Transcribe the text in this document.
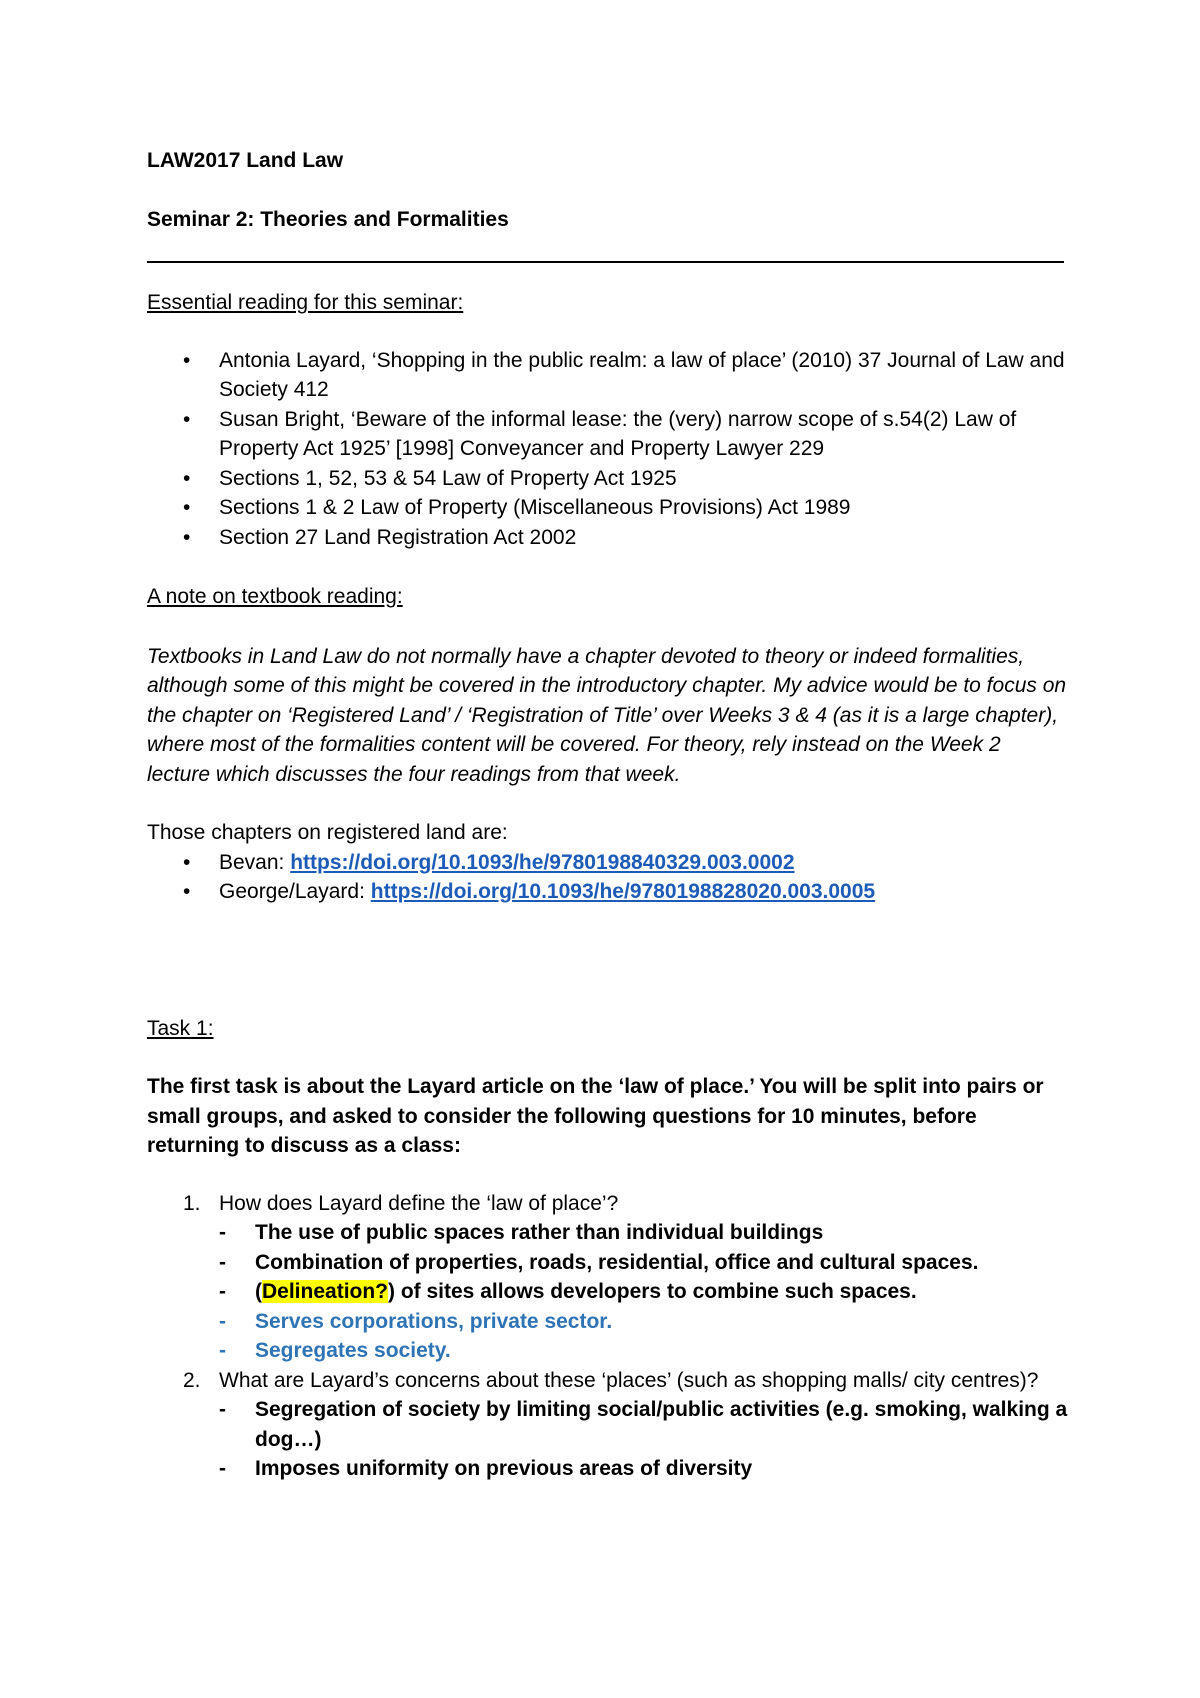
LAW2017 Land Law

Seminar 2: Theories and Formalities

Essential reading for this seminar:

• Antonia Layard, ‘Shopping in the public realm: a law of place’ (2010) 37 Journal of Law and Society 412
• Susan Bright, ‘Beware of the informal lease: the (very) narrow scope of s.54(2) Law of Property Act 1925’ [1998] Conveyancer and Property Lawyer 229
• Sections 1, 52, 53 & 54 Law of Property Act 1925
• Sections 1 & 2 Law of Property (Miscellaneous Provisions) Act 1989
• Section 27 Land Registration Act 2002

A note on textbook reading:

Textbooks in Land Law do not normally have a chapter devoted to theory or indeed formalities, although some of this might be covered in the introductory chapter. My advice would be to focus on the chapter on ‘Registered Land’ / ‘Registration of Title’ over Weeks 3 & 4 (as it is a large chapter), where most of the formalities content will be covered. For theory, rely instead on the Week 2 lecture which discusses the four readings from that week.

Those chapters on registered land are:

• Bevan: https://doi.org/10.1093/he/9780198840329.003.0002
• George/Layard: https://doi.org/10.1093/he/9780198828020.003.0005

Task 1:

The first task is about the Layard article on the ‘law of place.’ You will be split into pairs or small groups, and asked to consider the following questions for 10 minutes, before returning to discuss as a class:

1. How does Layard define the ‘law of place’?
- The use of public spaces rather than individual buildings
- Combination of properties, roads, residential, office and cultural spaces.
- (Delineation?) of sites allows developers to combine such spaces.
- Serves corporations, private sector.
- Segregates society.
2. What are Layard’s concerns about these ‘places’ (such as shopping malls/ city centres)?
- Segregation of society by limiting social/public activities (e.g. smoking, walking a dog…)
- Imposes uniformity on previous areas of diversity
